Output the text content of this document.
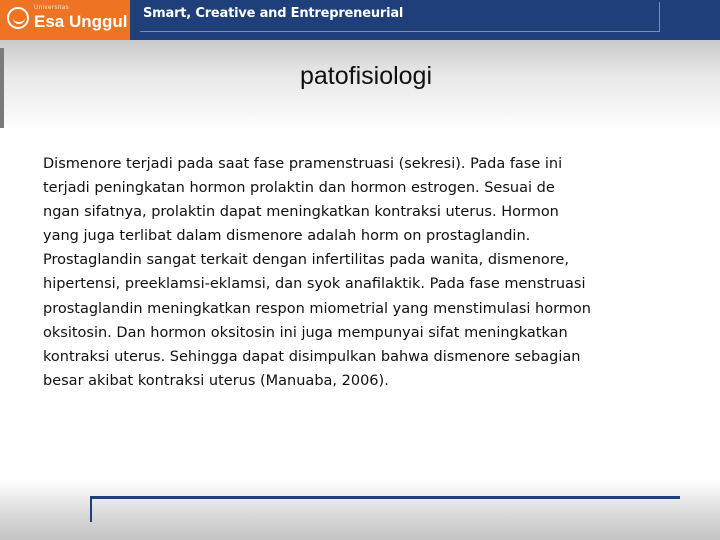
Universitas
Esa Unggul Smart, Creative and Entrepreneurial
patofisiologi
Dismenore terjadi pada saat fase pramenstruasi (sekresi). Pada fase ini
terjadi peningkatan hormon prolaktin dan hormon estrogen. Sesuai de
ngan sifatnya, prolaktin dapat meningkatkan kontraksi uterus. Hormon
yang juga terlibat dalam dismenore adalah horm on prostaglandin.
Prostaglandin sangat terkait dengan infertilitas pada wanita, dismenore,
hipertensi, preeklamsi-eklamsi, dan syok anafilaktik. Pada fase menstruasi
prostaglandin meningkatkan respon miometrial yang menstimulasi hormon
oksitosin. Dan hormon oksitosin ini juga mempunyai sifat meningkatkan
kontraksi uterus. Sehingga dapat disimpulkan bahwa dismenore sebagian
besar akibat kontraksi uterus (Manuaba, 2006).
